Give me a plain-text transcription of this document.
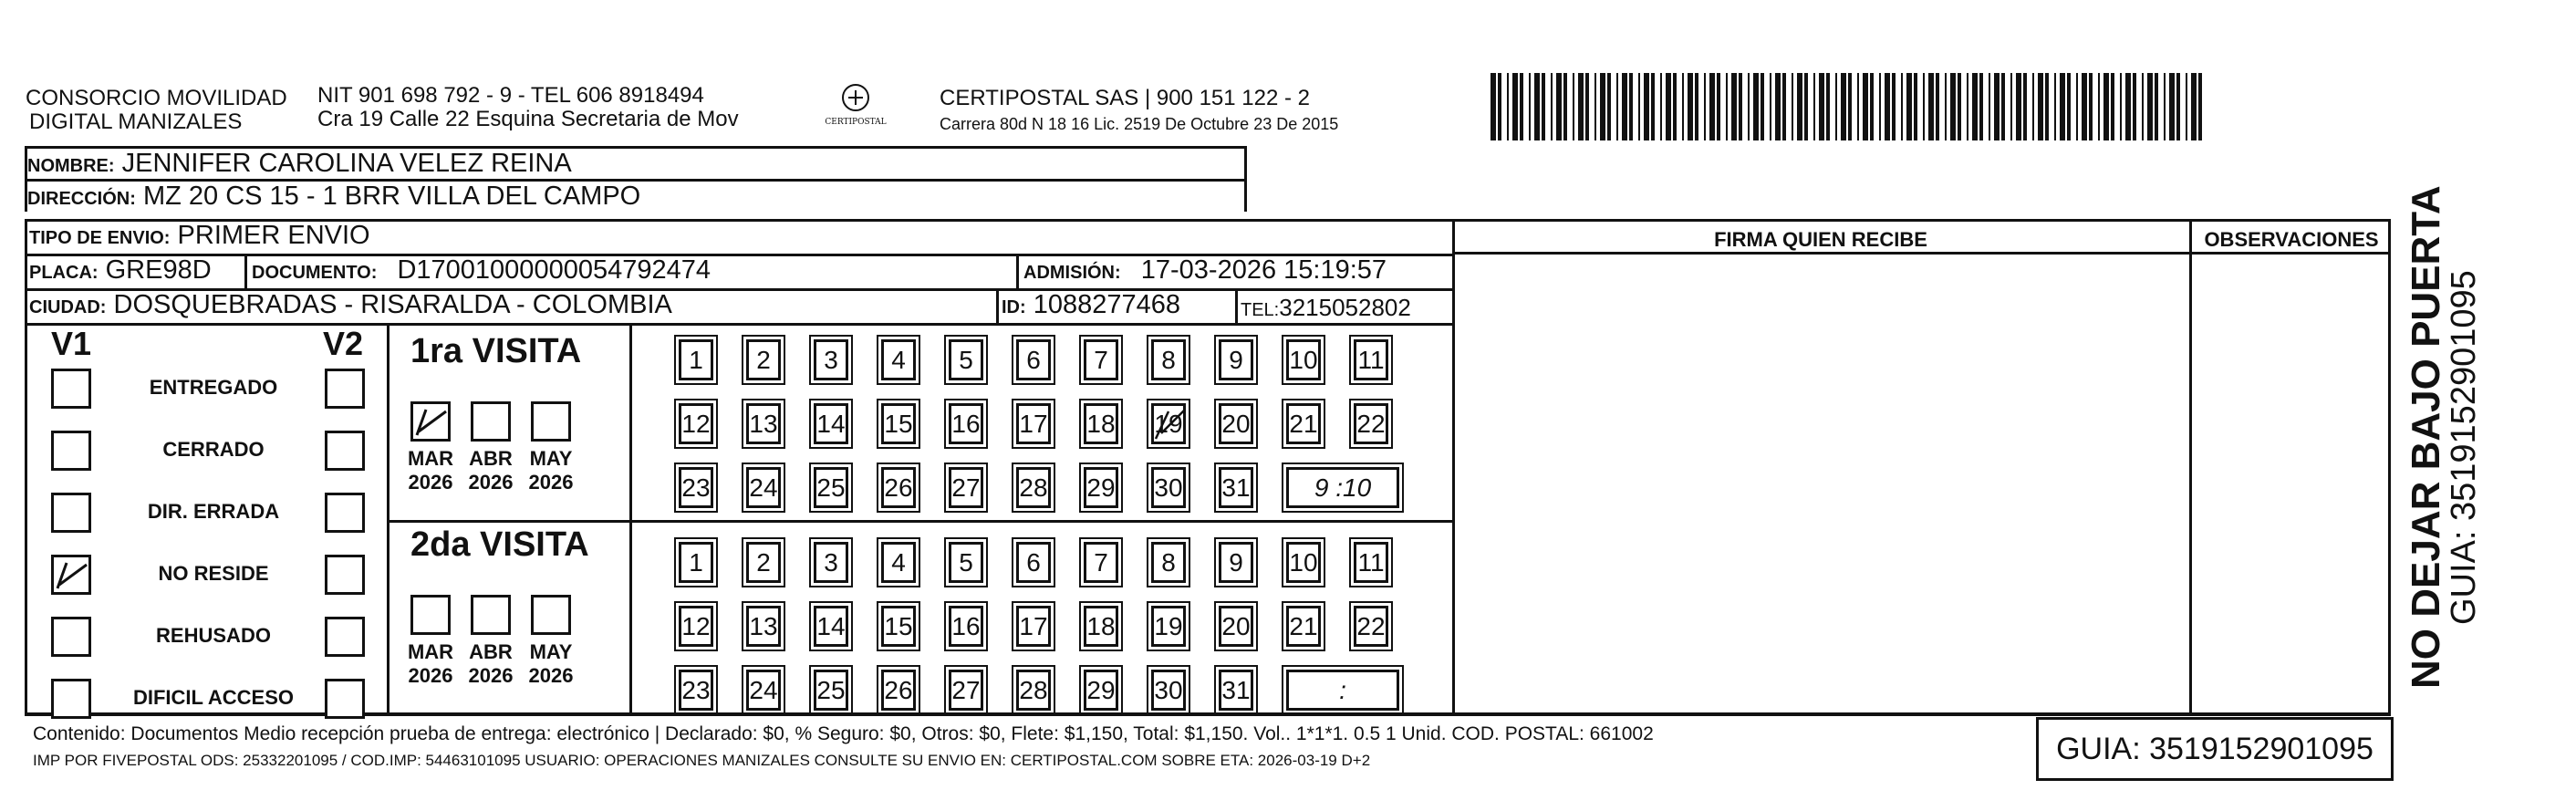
CONSORCIO MOVILIDAD
DIGITAL MANIZALES
NIT 901 698 792 - 9 - TEL 606 8918494
Cra 19 Calle 22 Esquina Secretaria de Mov	CERTIPOSTAL
CERTIPOSTAL SAS | 900 151 122 - 2
Carrera 80d N 18 16 Lic. 2519 De Octubre 23 De 2015
NOMBRE: JENNIFER CAROLINA VELEZ REINA
DIRECCIÓN: MZ 20 CS 15 - 1 BRR VILLA DEL CAMPO
FIRMA QUIEN RECIBE	OBSERVACIONES
TIPO DE ENVIO: PRIMER ENVIO
PLACA: GRE98D DOCUMENTO: D17001000000054792474	ADMISIÓN: 17-03-2026 15:19:57
CIUDAD: DOSQUEBRADAS - RISARALDA - COLOMBIA	ID: 1088277468	TEL:3215052802
V1	V2 1ra VISITA
2da VISITA
Contenido: Documentos Medio recepción prueba de entrega: electrónico | Declarado: $0, % Seguro: $0, Otros: $0, Flete: $1,150, Total: $1,150. Vol.. 1*1*1. 0.5 1 Unid. COD. POSTAL: 661002
IMP POR FIVEPOSTAL ODS: 25332201095 / COD.IMP: 54463101095 USUARIO: OPERACIONES MANIZALES CONSULTE SU ENVIO EN: CERTIPOSTAL.COM SOBRE ETA: 2026-03-19 D+2	GUIA: 3519152901095
NO DEJAR BAJO PUERTA
GUIA: 3519152901095
ENTREGADO
CERRADO
DIR. ERRADA
NO RESIDE
REHUSADO
DIFICIL ACCESO
MAR
2026
ABR
2026
MAY
2026
MAR
2026
ABR
2026
MAY
2026
1	2	3	4	5	6	7	8	9	10 11
12 13 14 15 16 17 18 19 20 21 22
23 24 25 26 27 28 29 30 31	9 :10
1	2	3	4	5	6	7	8	9	10 11
12 13 14 15 16 17 18 19 20 21 22
23 24 25 26 27 28 29 30 31	:
